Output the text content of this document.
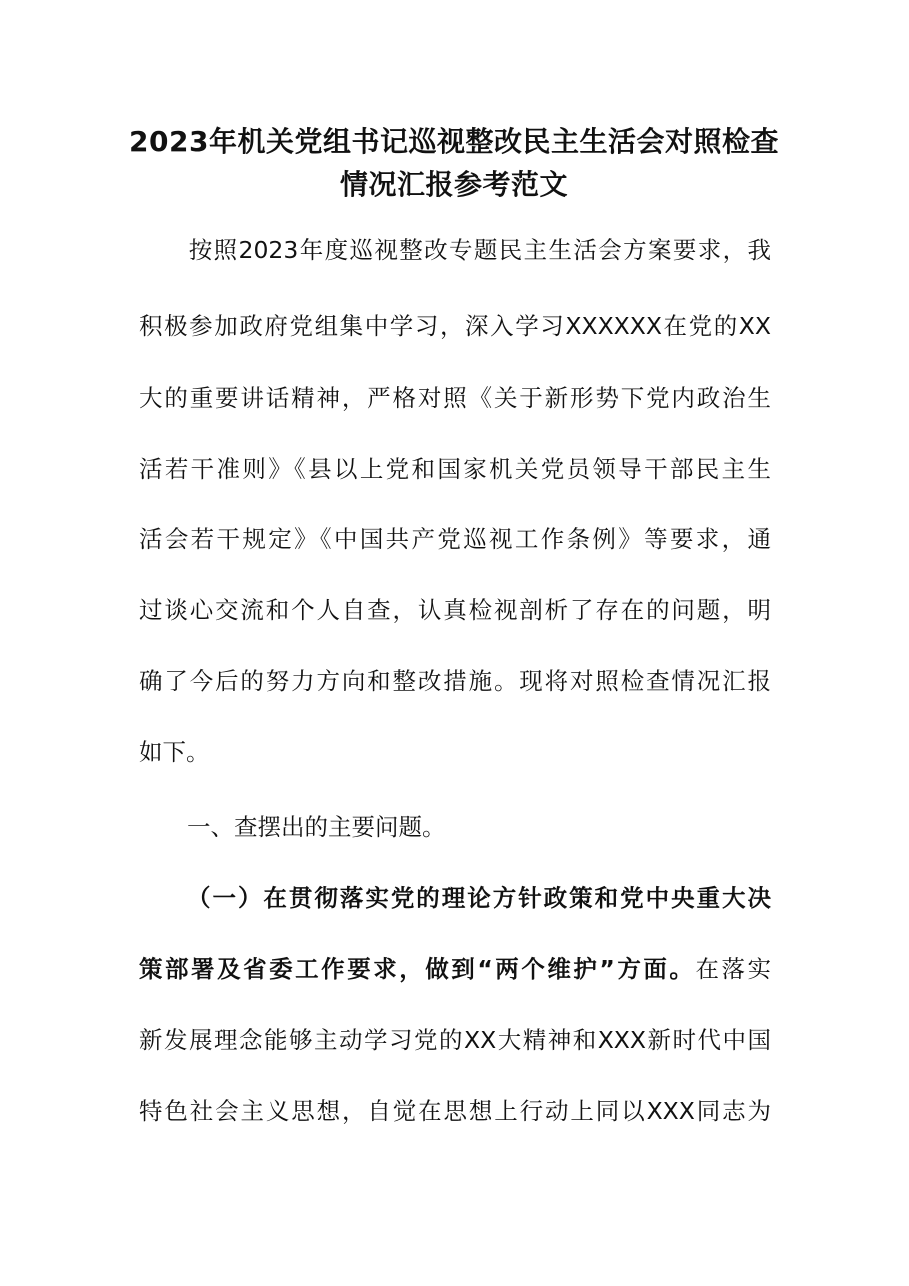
2023年机关党组书记巡视整改民主生活会对照检查
情况汇报参考范文
　　按照2023年度巡视整改专题民主生活会方案要求，我
积极参加政府党组集中学习，深入学习XXXXXX在党的XX
大的重要讲话精神，严格对照《关于新形势下党内政治生
活若干准则》《县以上党和国家机关党员领导干部民主生
活会若干规定》《中国共产党巡视工作条例》等要求，通
过谈心交流和个人自查，认真检视剖析了存在的问题，明
确了今后的努力方向和整改措施。现将对照检查情况汇报
如下。
一、查摆出的主要问题。
（一）在贯彻落实党的理论方针政策和党中央重大决
策部署及省委工作要求，做到“两个维护”方面。在落实
新发展理念能够主动学习党的XX大精神和XXX新时代中国
特色社会主义思想，自觉在思想上行动上同以XXX同志为
